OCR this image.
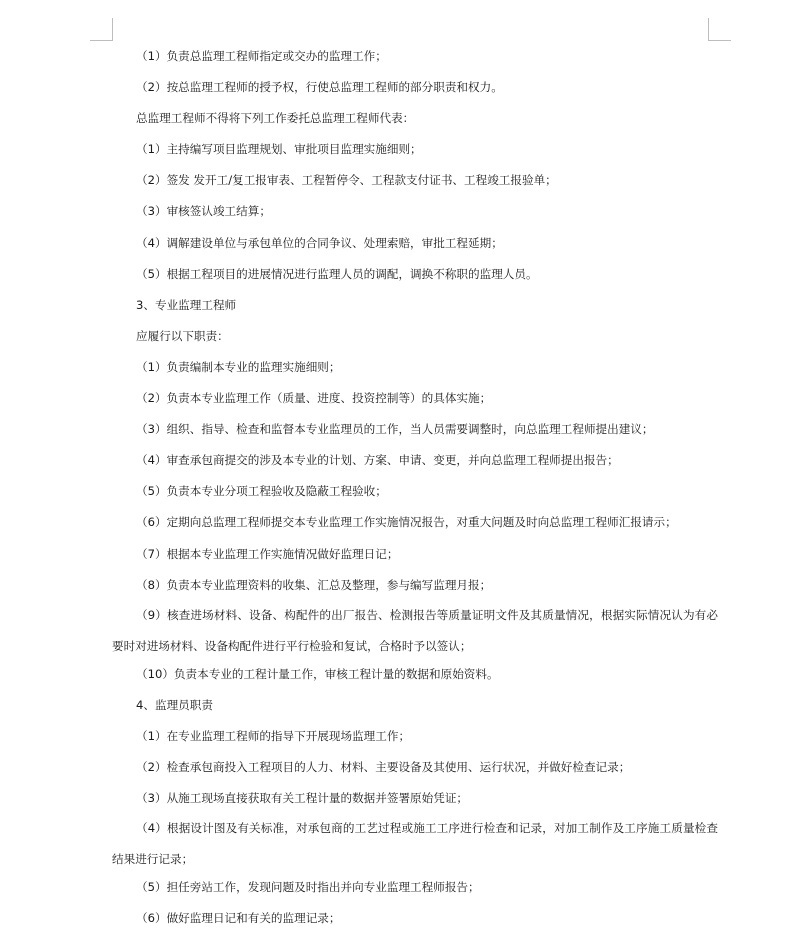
（1）负责总监理工程师指定或交办的监理工作；
（2）按总监理工程师的授予权，行使总监理工程师的部分职责和权力。
总监理工程师不得将下列工作委托总监理工程师代表：
（1）主持编写项目监理规划、审批项目监理实施细则；
（2）签发 发开工/复工报审表、工程暂停令、工程款支付证书、工程竣工报验单；
（3）审核签认竣工结算；
（4）调解建设单位与承包单位的合同争议、处理索赔，审批工程延期；
（5）根据工程项目的进展情况进行监理人员的调配，调换不称职的监理人员。
3、专业监理工程师
应履行以下职责：
（1）负责编制本专业的监理实施细则；
（2）负责本专业监理工作（质量、进度、投资控制等）的具体实施；
（3）组织、指导、检查和监督本专业监理员的工作，当人员需要调整时，向总监理工程师提出建议；
（4）审查承包商提交的涉及本专业的计划、方案、申请、变更，并向总监理工程师提出报告；
（5）负责本专业分项工程验收及隐蔽工程验收；
（6）定期向总监理工程师提交本专业监理工作实施情况报告，对重大问题及时向总监理工程师汇报请示；
（7）根据本专业监理工作实施情况做好监理日记；
（8）负责本专业监理资料的收集、汇总及整理，参与编写监理月报；
（9）核查进场材料、设备、构配件的出厂报告、检测报告等质量证明文件及其质量情况，根据实际情况认为有必要时对进场材料、设备构配件进行平行检验和复试，合格时予以签认；
（10）负责本专业的工程计量工作，审核工程计量的数据和原始资料。
4、监理员职责
（1）在专业监理工程师的指导下开展现场监理工作；
（2）检查承包商投入工程项目的人力、材料、主要设备及其使用、运行状况，并做好检查记录；
（3）从施工现场直接获取有关工程计量的数据并签署原始凭证；
（4）根据设计图及有关标准，对承包商的工艺过程或施工工序进行检查和记录，对加工制作及工序施工质量检查结果进行记录；
（5）担任旁站工作，发现问题及时指出并向专业监理工程师报告；
（6）做好监理日记和有关的监理记录；
